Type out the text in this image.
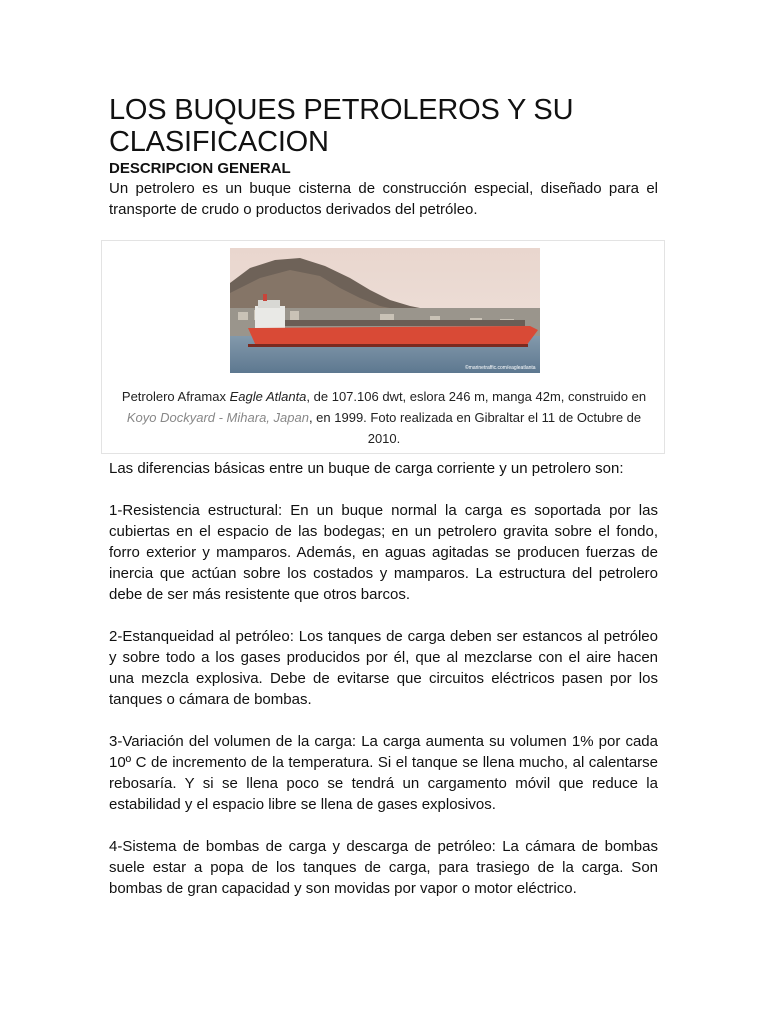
LOS BUQUES PETROLEROS Y SU CLASIFICACION
DESCRIPCION GENERAL

Un petrolero es un buque cisterna de construcción especial, diseñado para el transporte de crudo o productos derivados del petróleo.

©marinetraffic.com/eagleatlanta
Petrolero Aframax Eagle Atlanta, de 107.106 dwt, eslora 246 m, manga 42m, construido en Koyo Dockyard - Mihara, Japan, en 1999. Foto realizada en Gibraltar el 11 de Octubre de 2010.

Las diferencias básicas entre un buque de carga corriente y un petrolero son:

1-Resistencia estructural: En un buque normal la carga es soportada por las cubiertas en el espacio de las bodegas; en un petrolero gravita sobre el fondo, forro exterior y mamparos. Además, en aguas agitadas se producen fuerzas de inercia que actúan sobre los costados y mamparos. La estructura del petrolero debe de ser más resistente que otros barcos.

2-Estanqueidad al petróleo: Los tanques de carga deben ser estancos al petróleo y sobre todo a los gases producidos por él, que al mezclarse con el aire hacen una mezcla explosiva. Debe de evitarse que circuitos eléctricos pasen por los tanques o cámara de bombas.

3-Variación del volumen de la carga: La carga aumenta su volumen 1% por cada 10º C de incremento de la temperatura. Si el tanque se llena mucho, al calentarse rebosaría. Y si se llena poco se tendrá un cargamento móvil que reduce la estabilidad y el espacio libre se llena de gases explosivos.

4-Sistema de bombas de carga y descarga de petróleo: La cámara de bombas suele estar a popa de los tanques de carga, para trasiego de la carga. Son bombas de gran capacidad y son movidas por vapor o motor eléctrico.
